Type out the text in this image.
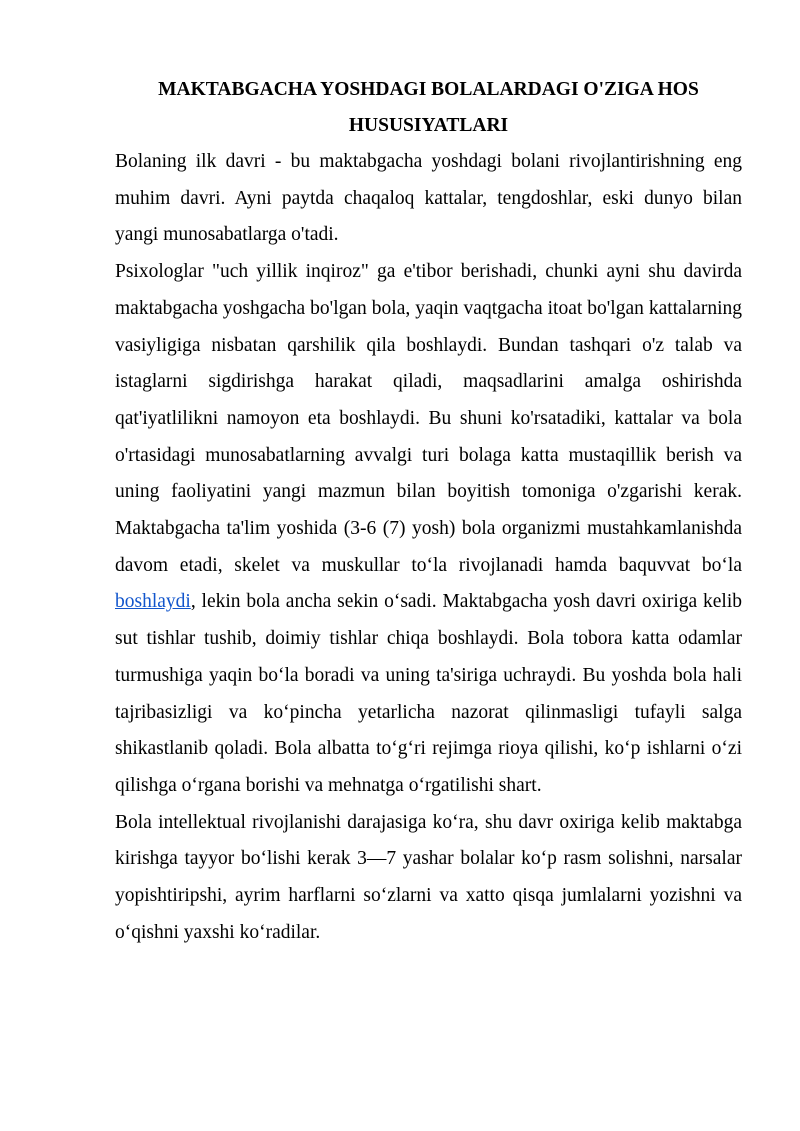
MAKTABGACHA YOSHDAGI BOLALARDAGI O'ZIGA HOS HUSUSIYATLARI

Bolaning ilk davri - bu maktabgacha yoshdagi bolani rivojlantirishning eng muhim davri. Ayni paytda chaqaloq kattalar, tengdoshlar, eski dunyo bilan yangi munosabatlarga o'tadi.

Psixologlar "uch yillik inqiroz" ga e'tibor berishadi, chunki ayni shu davirda maktabgacha yoshgacha bo'lgan bola, yaqin vaqtgacha itoat bo'lgan kattalarning vasiyligiga nisbatan qarshilik qila boshlaydi. Bundan tashqari o'z talab va istaglarni sigdirishga harakat qiladi, maqsadlarini amalga oshirishda qat'iyatlilikni namoyon eta boshlaydi. Bu shuni ko'rsatadiki, kattalar va bola o'rtasidagi munosabatlarning avvalgi turi bolaga katta mustaqillik berish va uning faoliyatini yangi mazmun bilan boyitish tomoniga o'zgarishi kerak. Maktabgacha ta'lim yoshida (3-6 (7) yosh) bola organizmi mustahkamlanishda davom etadi, skelet va muskullar to‘la rivojlanadi hamda baquvvat bo‘la boshlaydi, lekin bola ancha sekin o‘sadi. Maktabgacha yosh davri oxiriga kelib sut tishlar tushib, doimiy tishlar chiqa boshlaydi. Bola tobora katta odamlar turmushiga yaqin bo‘la boradi va uning ta'siriga uchraydi. Bu yoshda bola hali tajribasizligi va ko‘pincha yetarlicha nazorat qilinmasligi tufayli salga shikastlanib qoladi. Bola albatta to‘g‘ri rejimga rioya qilishi, ko‘p ishlarni o‘zi qilishga o‘rgana borishi va mehnatga o‘rgatilishi shart.

Bola intellektual rivojlanishi darajasiga ko‘ra, shu davr oxiriga kelib maktabga kirishga tayyor bo‘lishi kerak 3—7 yashar bolalar ko‘p rasm solishni, narsalar yopishtiripshi, ayrim harflarni so‘zlarni va xatto qisqa jumlalarni yozishni va o‘qishni yaxshi ko‘radilar.
